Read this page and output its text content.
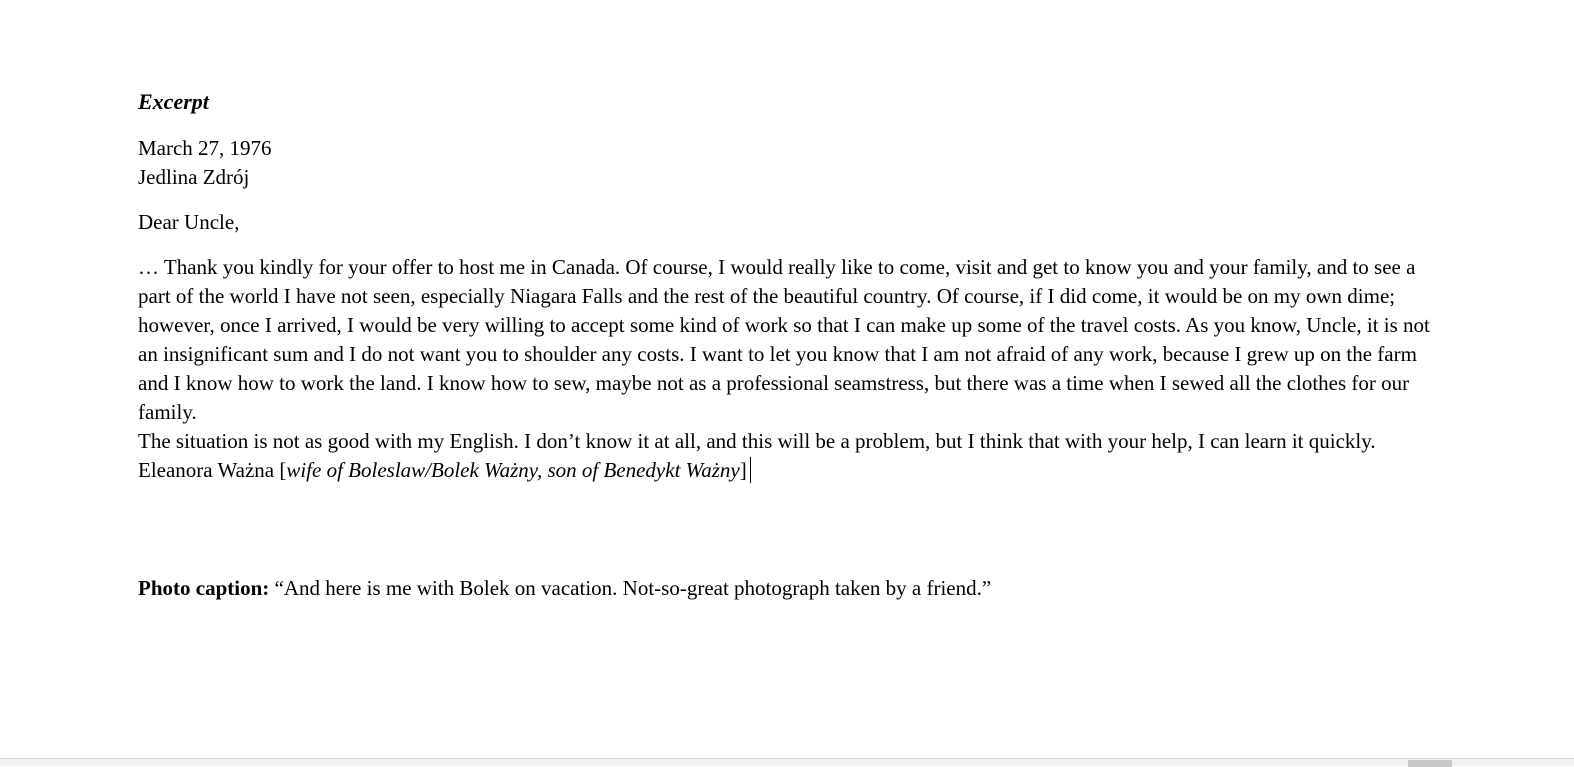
Excerpt
March 27, 1976
Jedlina Zdrój
Dear Uncle,
… Thank you kindly for your offer to host me in Canada. Of course, I would really like to come, visit and get to know you and your family, and to see a part of the world I have not seen, especially Niagara Falls and the rest of the beautiful country. Of course, if I did come, it would be on my own dime; however, once I arrived, I would be very willing to accept some kind of work so that I can make up some of the travel costs. As you know, Uncle, it is not an insignificant sum and I do not want you to shoulder any costs. I want to let you know that I am not afraid of any work, because I grew up on the farm and I know how to work the land. I know how to sew, maybe not as a professional seamstress, but there was a time when I sewed all the clothes for our family.
The situation is not as good with my English. I don’t know it at all, and this will be a problem, but I think that with your help, I can learn it quickly.
Eleanora Ważna [wife of Boleslaw/Bolek Ważny, son of Benedykt Ważny]
Photo caption: “And here is me with Bolek on vacation. Not-so-great photograph taken by a friend.”
